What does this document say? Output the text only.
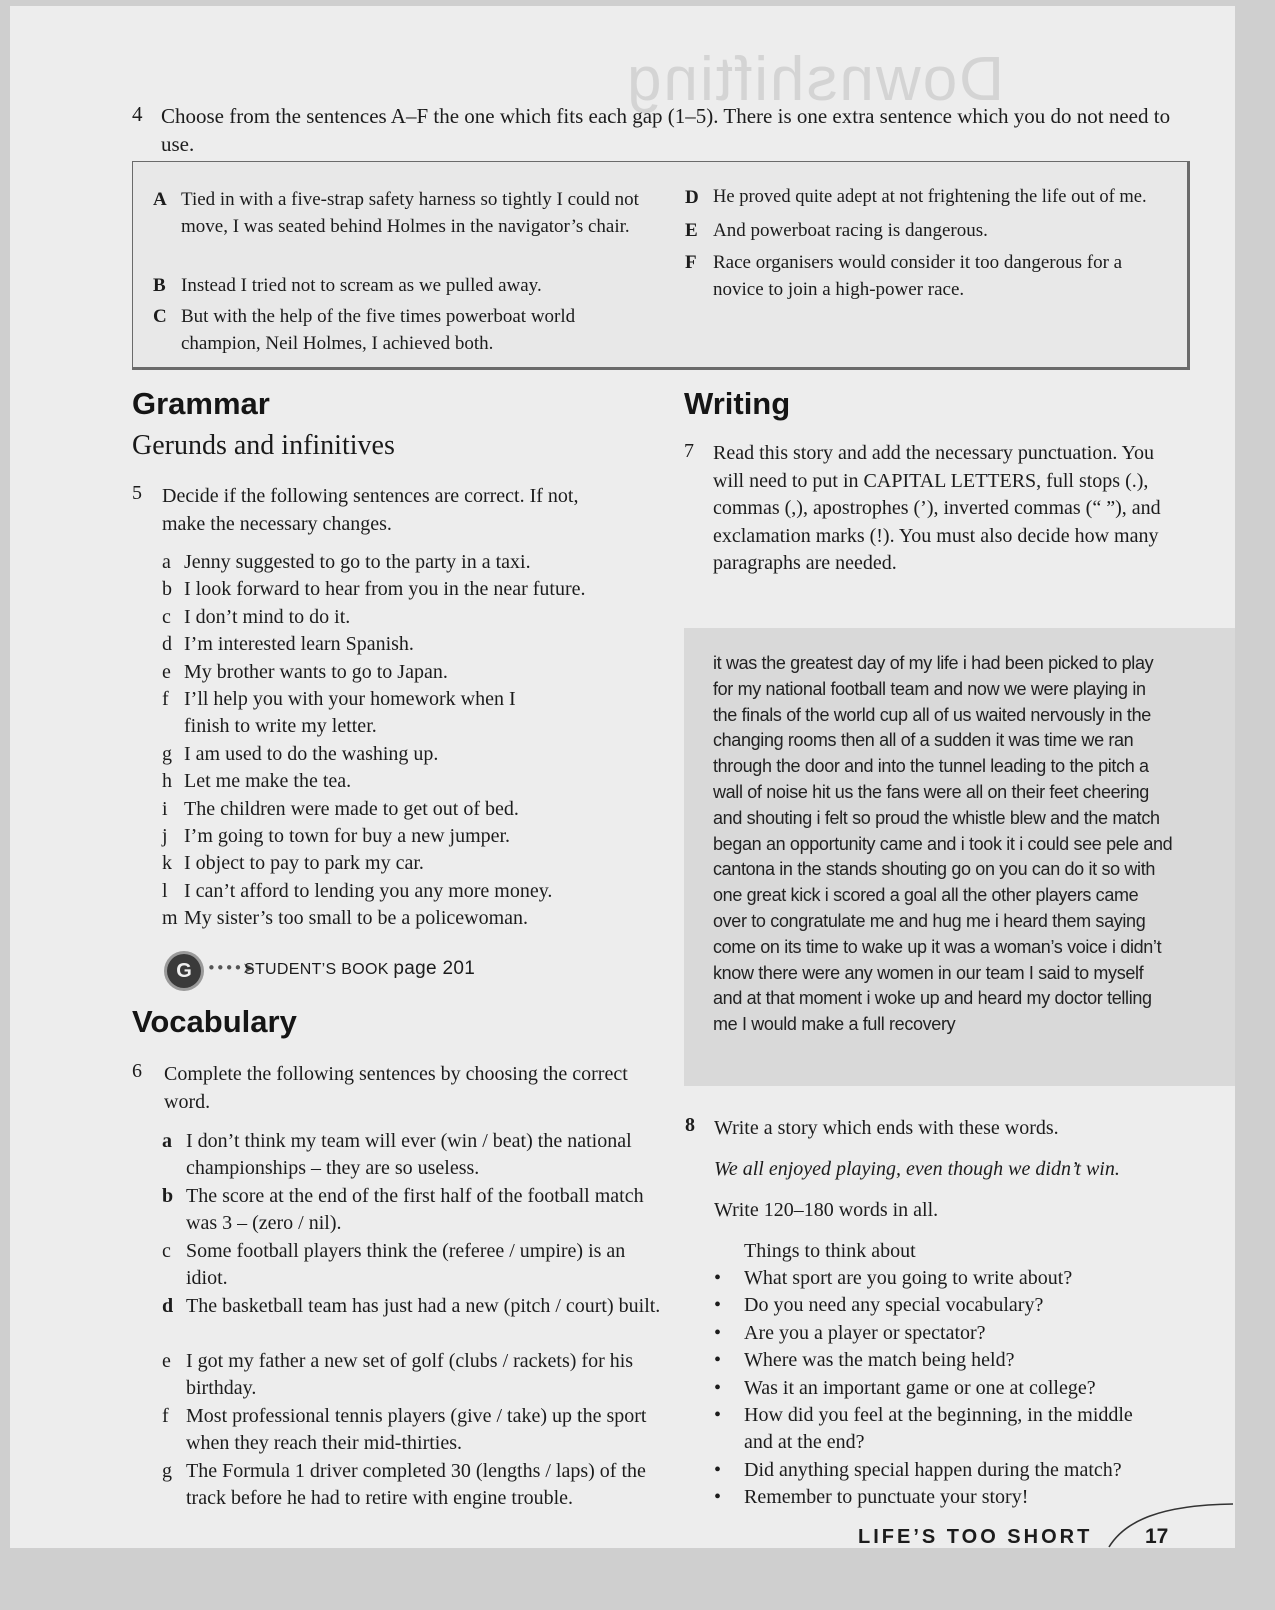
Downshifting
4 Choose from the sentences A–F the one which fits each gap (1–5). There is one extra sentence which you do not need to use.
A Tied in with a five-strap safety harness so tightly I could not move, I was seated behind Holmes in the navigator’s chair.
B Instead I tried not to scream as we pulled away.
C But with the help of the five times powerboat world champion, Neil Holmes, I achieved both.
D He proved quite adept at not frightening the life out of me.
E And powerboat racing is dangerous.
F Race organisers would consider it too dangerous for a novice to join a high-power race.
Grammar
Gerunds and infinitives
5 Decide if the following sentences are correct. If not, make the necessary changes.
a Jenny suggested to go to the party in a taxi.
b I look forward to hear from you in the near future.
c I don’t mind to do it.
d I’m interested learn Spanish.
e My brother wants to go to Japan.
f I’ll help you with your homework when I finish to write my letter.
g I am used to do the washing up.
h Let me make the tea.
i The children were made to get out of bed.
j I’m going to town for buy a new jumper.
k I object to pay to park my car.
l I can’t afford to lending you any more money.
m My sister’s too small to be a policewoman.
G	••••➤
STUDENT’S BOOK page 201
Vocabulary
6 Complete the following sentences by choosing the correct word.
a I don’t think my team will ever (win / beat) the national championships – they are so useless.
b The score at the end of the first half of the football match was 3 – (zero / nil).
c Some football players think the (referee / umpire) is an idiot.
d The basketball team has just had a new (pitch / court) built.
e I got my father a new set of golf (clubs / rackets) for his birthday.
f Most professional tennis players (give / take) up the sport when they reach their mid-thirties.
g The Formula 1 driver completed 30 (lengths / laps) of the track before he had to retire with engine trouble.
Writing
7 Read this story and add the necessary punctuation. You will need to put in CAPITAL LETTERS, full stops (.), commas (,), apostrophes (’), inverted commas (“ ”), and exclamation marks (!). You must also decide how many paragraphs are needed.
it was the greatest day of my life i had been picked to play for my national football team and now we were playing in the finals of the world cup all of us waited nervously in the changing rooms then all of a sudden it was time we ran through the door and into the tunnel leading to the pitch a wall of noise hit us the fans were all on their feet cheering and shouting i felt so proud the whistle blew and the match began an opportunity came and i took it i could see pele and cantona in the stands shouting go on you can do it so with one great kick i scored a goal all the other players came over to congratulate me and hug me i heard them saying come on its time to wake up it was a woman’s voice i didn’t know there were any women in our team I said to myself and at that moment i woke up and heard my doctor telling me I would make a full recovery
8 Write a story which ends with these words.
We all enjoyed playing, even though we didn’t win.
Write 120–180 words in all.
Things to think about
• What sport are you going to write about?
• Do you need any special vocabulary?
• Are you a player or spectator?
• Where was the match being held?
• Was it an important game or one at college?
• How did you feel at the beginning, in the middle and at the end?
• Did anything special happen during the match?
• Remember to punctuate your story!
LIFE’S TOO SHORT	17
